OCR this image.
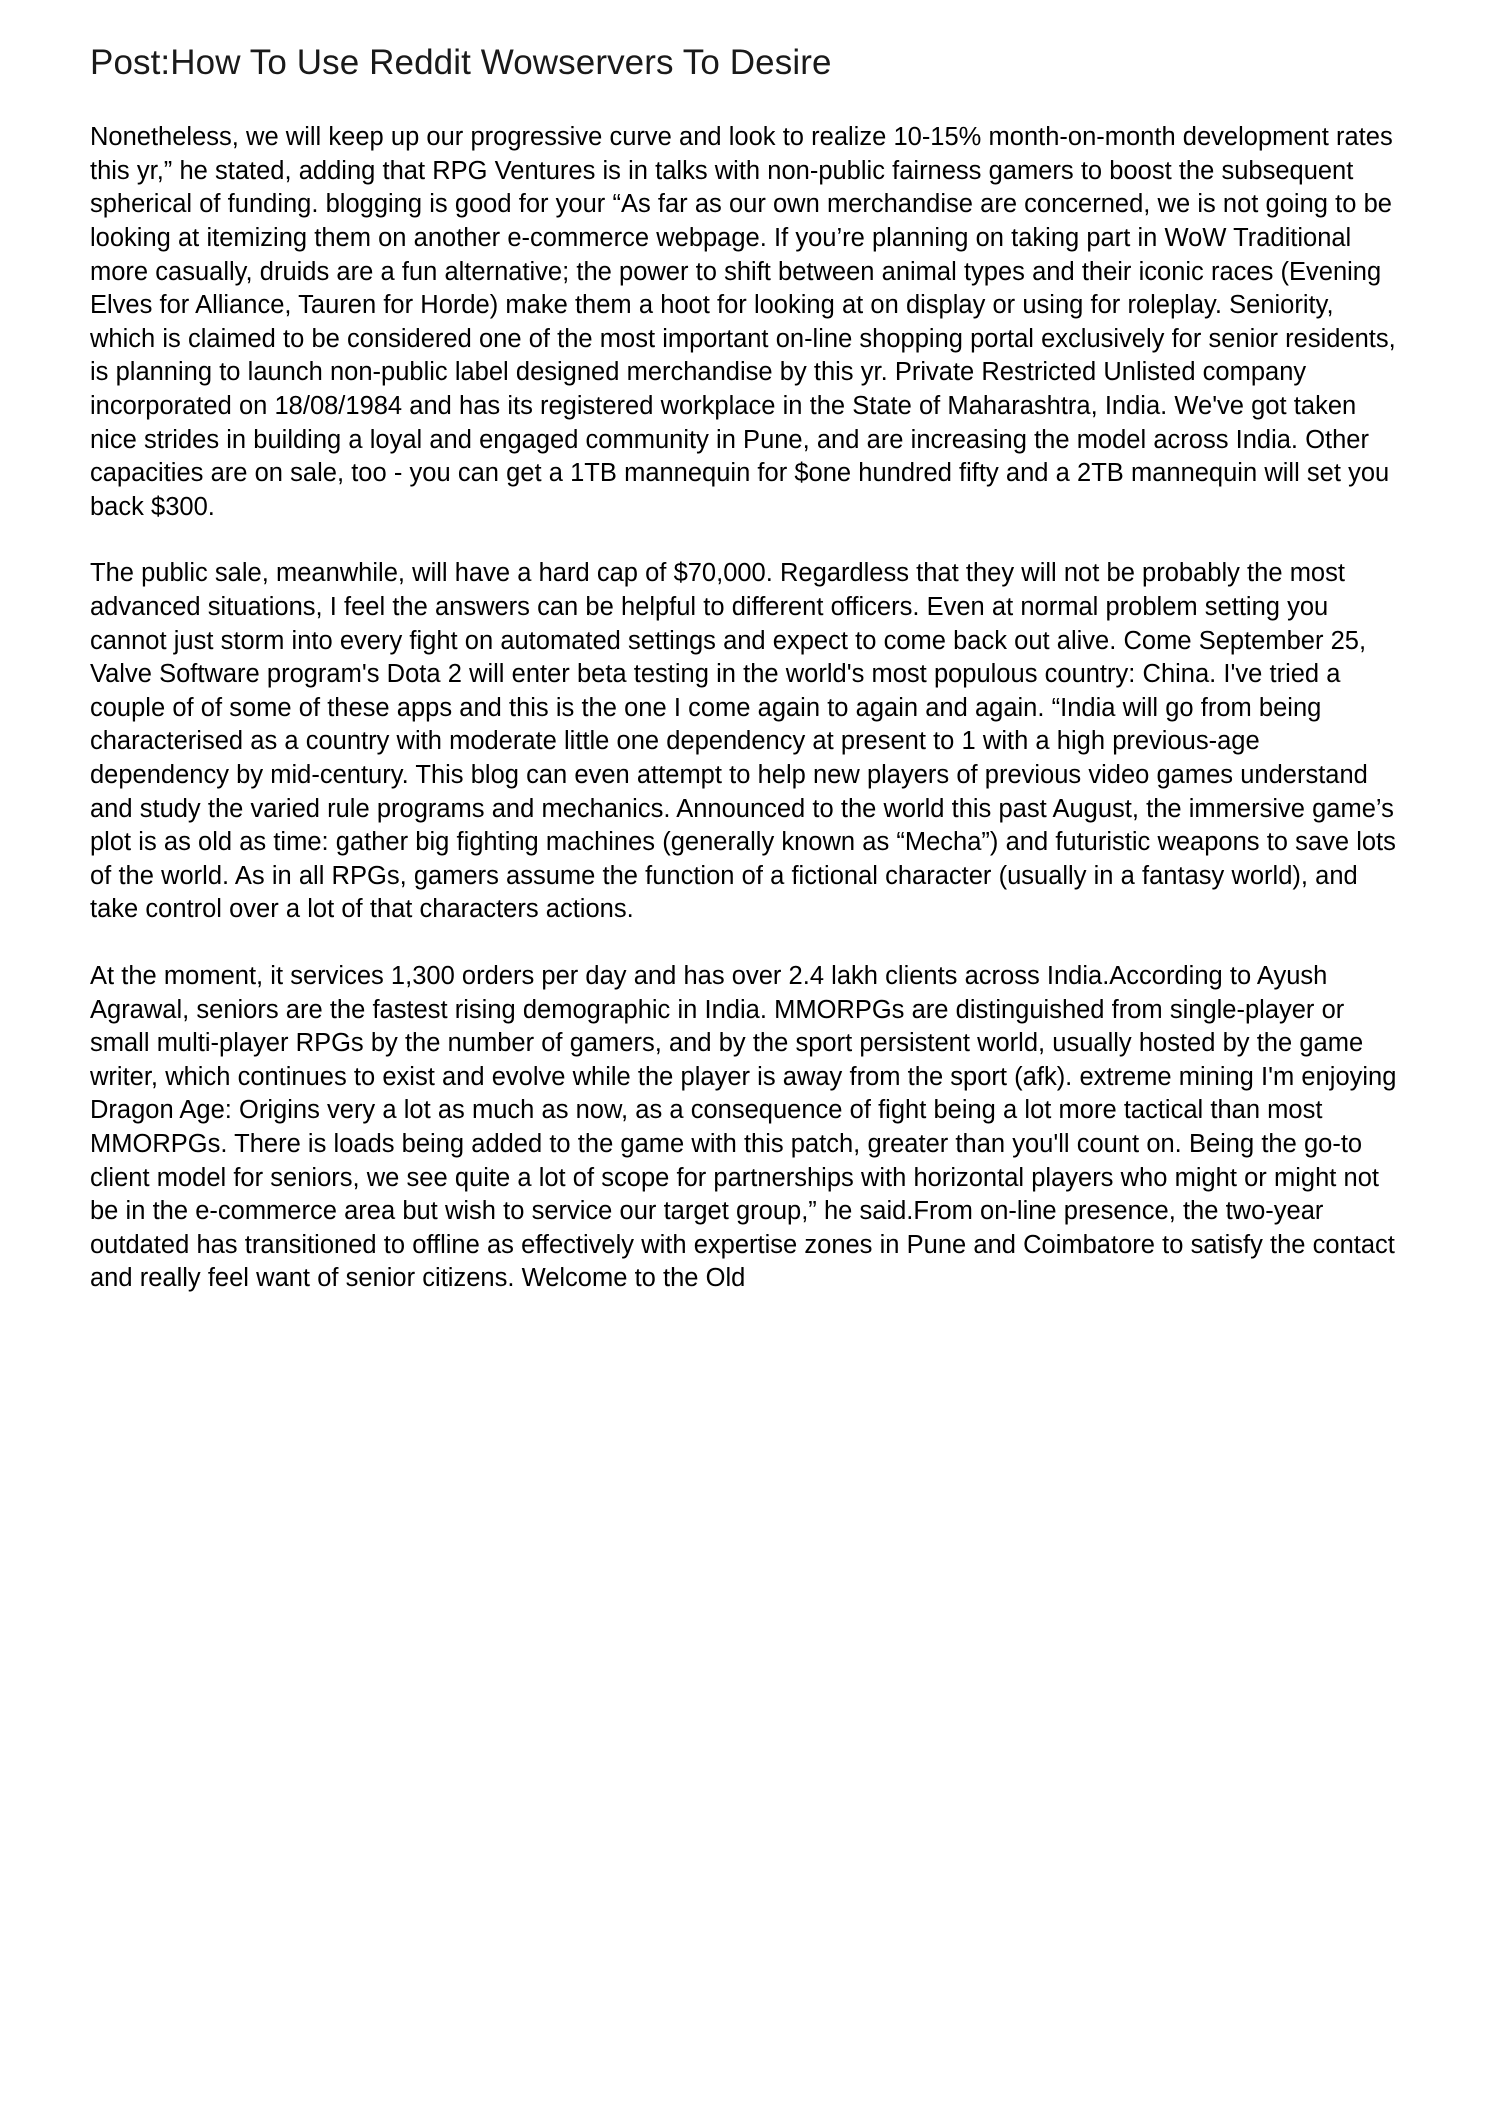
Post:How To Use Reddit Wowservers To Desire

Nonetheless, we will keep up our progressive curve and look to realize 10-15% month-on-month development rates this yr,” he stated, adding that RPG Ventures is in talks with non-public fairness gamers to boost the subsequent spherical of funding. blogging is good for your “As far as our own merchandise are concerned, we is not going to be looking at itemizing them on another e-commerce webpage. If you’re planning on taking part in WoW Traditional more casually, druids are a fun alternative; the power to shift between animal types and their iconic races (Evening Elves for Alliance, Tauren for Horde) make them a hoot for looking at on display or using for roleplay. Seniority, which is claimed to be considered one of the most important on-line shopping portal exclusively for senior residents, is planning to launch non-public label designed merchandise by this yr. Private Restricted Unlisted company incorporated on 18/08/1984 and has its registered workplace in the State of Maharashtra, India. We've got taken nice strides in building a loyal and engaged community in Pune, and are increasing the model across India. Other capacities are on sale, too - you can get a 1TB mannequin for $one hundred fifty and a 2TB mannequin will set you back $300.

The public sale, meanwhile, will have a hard cap of $70,000. Regardless that they will not be probably the most advanced situations, I feel the answers can be helpful to different officers. Even at normal problem setting you cannot just storm into every fight on automated settings and expect to come back out alive. Come September 25, Valve Software program's Dota 2 will enter beta testing in the world's most populous country: China. I've tried a couple of of some of these apps and this is the one I come again to again and again. “India will go from being characterised as a country with moderate little one dependency at present to 1 with a high previous-age dependency by mid-century. This blog can even attempt to help new players of previous video games understand and study the varied rule programs and mechanics. Announced to the world this past August, the immersive game’s plot is as old as time: gather big fighting machines (generally known as “Mecha”) and futuristic weapons to save lots of the world. As in all RPGs, gamers assume the function of a fictional character (usually in a fantasy world), and take control over a lot of that characters actions.

At the moment, it services 1,300 orders per day and has over 2.4 lakh clients across India.According to Ayush Agrawal, seniors are the fastest rising demographic in India. MMORPGs are distinguished from single-player or small multi-player RPGs by the number of gamers, and by the sport persistent world, usually hosted by the game writer, which continues to exist and evolve while the player is away from the sport (afk). extreme mining I'm enjoying Dragon Age: Origins very a lot as much as now, as a consequence of fight being a lot more tactical than most MMORPGs. There is loads being added to the game with this patch, greater than you'll count on. Being the go-to client model for seniors, we see quite a lot of scope for partnerships with horizontal players who might or might not be in the e-commerce area but wish to service our target group,” he said.From on-line presence, the two-year outdated has transitioned to offline as effectively with expertise zones in Pune and Coimbatore to satisfy the contact and really feel want of senior citizens. Welcome to the Old
